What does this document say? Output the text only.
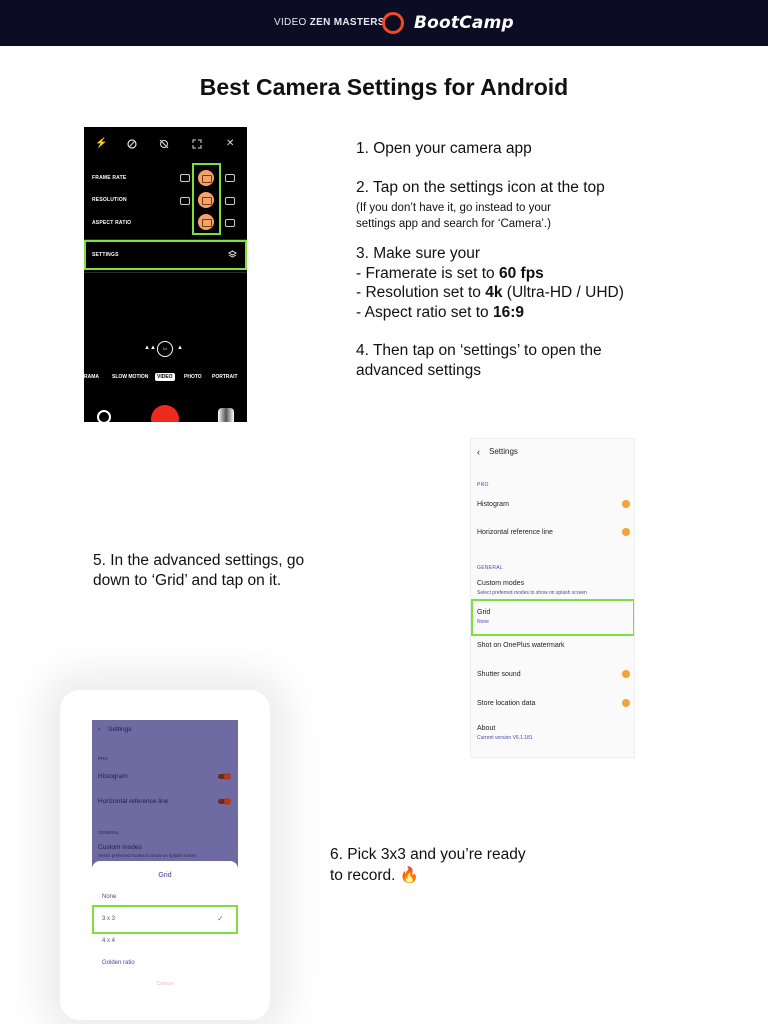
VIDEO ZEN MASTERS BootCamp
Best Camera Settings for Android
⚡	✕
FRAME RATE
RESOLUTION
ASPECT RATIO
SETTINGS
▲▲	1×	▲
RAMA	SLOW MOTION	VIDEO	PHOTO PORTRAIT
1. Open your camera app
2. Tap on the settings icon at the top
(If you don’t have it, go instead to your
settings app and search for ‘Camera’.)
3. Make sure your
- Framerate is set to 60 fps
- Resolution set to 4k (Ultra-HD / UHD)
- Aspect ratio set to 16:9
4. Then tap on ‘settings’ to open the
advanced settings
‹ Settings
PRO
Histogram
Horizontal reference line
GENERAL
Custom modes
Select preferred modes to show on splash screen
Grid
None
Shot on OnePlus watermark
Shutter sound
Store location data
About
Current version V6.1.181
5. In the advanced settings, go
down to ‘Grid’ and tap on it.
‹ Settings
PRO
Histogram
Horizontal reference line
GENERAL
Custom modes
Select preferred modes to show on splash screen
Grid
None
3 x 3	✓
4 x 4
Golden ratio
Cancel
6. Pick 3x3 and you’re ready
to record. 🔥
